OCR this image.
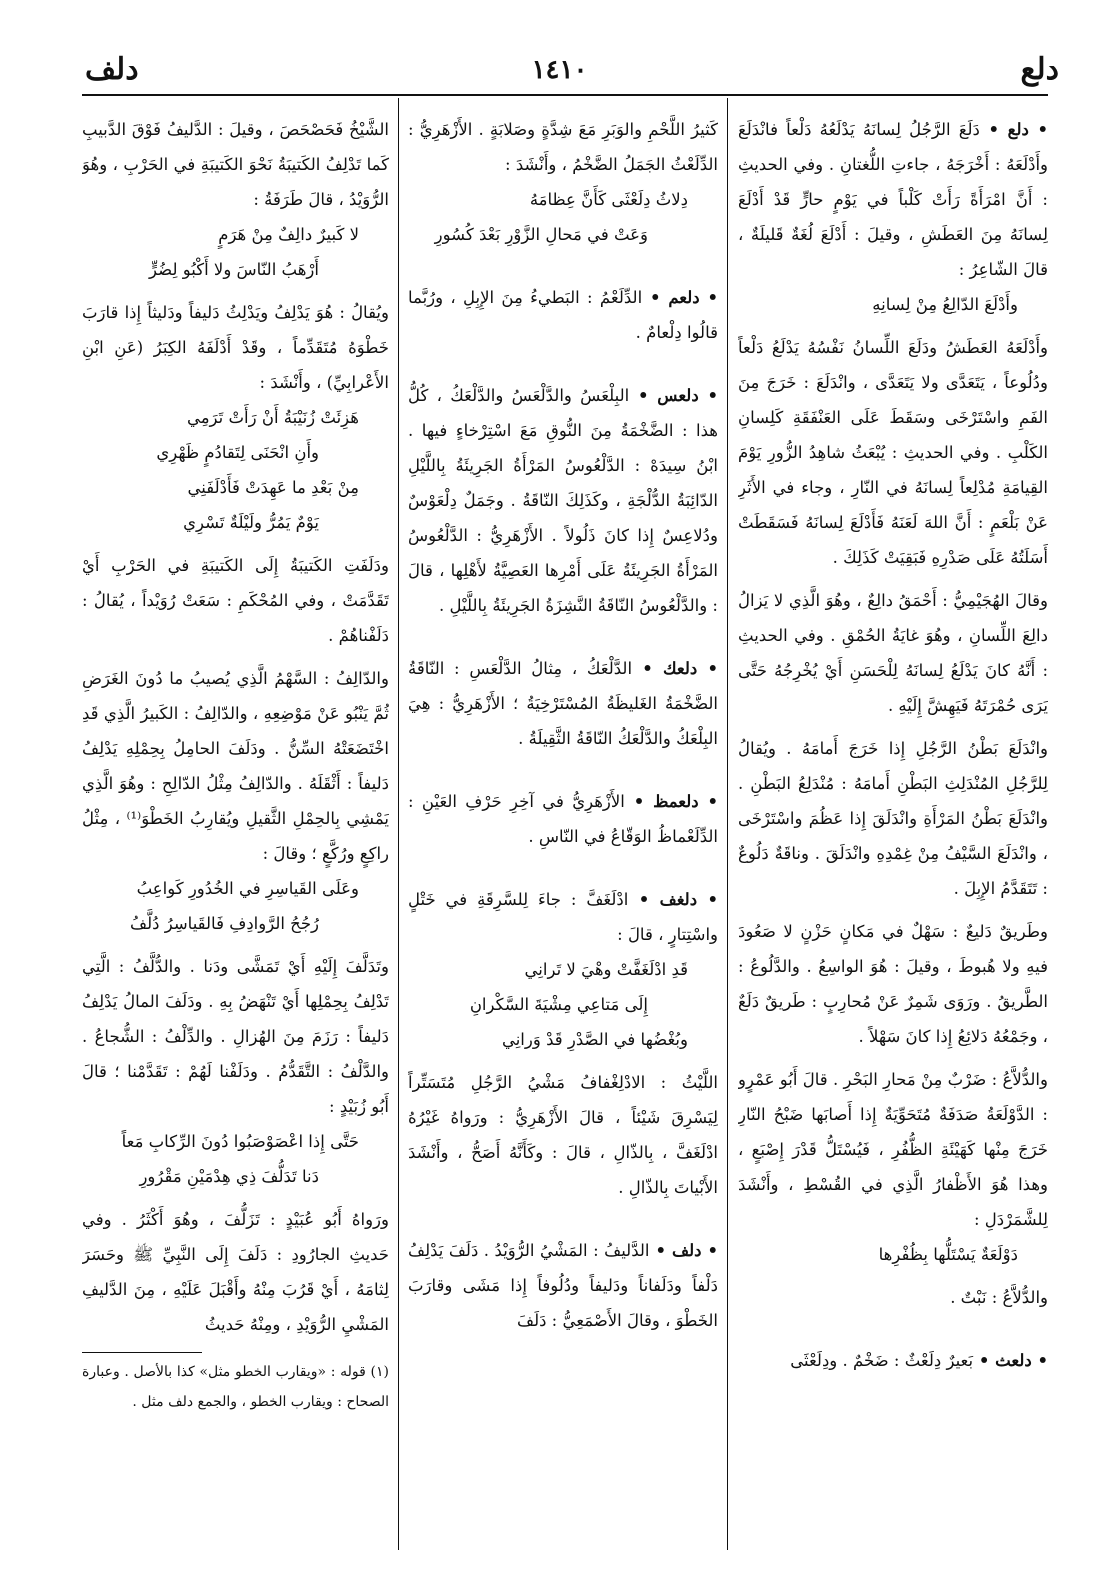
دلع
١٤١٠
دلف

• دلع • دَلَعَ الرَّجُلُ لِسانَهُ يَدْلَعُهُ دَلْعاً فانْدَلَعَ وأَدْلَعَهُ : أَخْرَجَهُ ، جاءتِ اللُّغتانِ . وفي الحديثِ : أَنَّ امْرَأَةً رَأَتْ كَلْباً في يَوْمٍ حارٍّ قَدْ أَدْلَعَ لِسانَهُ مِنَ العَطَشِ ، وقيلَ : أَدْلَعَ لُغَةٌ قَليلَةٌ ، قالَ الشّاعِرُ :

وأَدْلَعَ الدّالِعُ مِنْ لِسانِهِ

وأَدْلَعَهُ العَطَشُ ودَلَعَ اللِّسانُ نَفْسُهُ يَدْلَعُ دَلْعاً ودُلُوعاً ، يَتَعَدَّى ولا يَتَعَدَّى ، وانْدَلَعَ : خَرَجَ مِنَ الفَمِ واسْتَرْخَى وسَقَطَ عَلَى العَنْفَقَةِ كَلِسانِ الكَلْبِ . وفي الحديثِ : يُبْعَثُ شاهِدُ الزُّورِ يَوْمَ القِيامَةِ مُدْلِعاً لِسانَهُ في النّارِ ، وجاء في الأَثَرِ عَنْ بَلْعَمٍ : أَنَّ اللهَ لَعَنَهُ فَأَدْلَعَ لِسانَهُ فَسَقَطَتْ أَسَلَتُهُ عَلَى صَدْرِهِ فَبَقِيَتْ كَذَلِكَ .

وقالَ الهُجَيْمِيُّ : أَحْمَقُ دالِعٌ ، وهُوَ الَّذِي لا يَزالُ دالِعَ اللِّسانِ ، وهُوَ غايَةُ الحُمْقِ . وفي الحديثِ : أَنَّهُ كانَ يَدْلَعُ لِسانَهُ لِلْحَسَنِ أَيْ يُخْرِجُهُ حَتَّى يَرَى حُمْرَتَهُ فَيَهِشَّ إِلَيْهِ .

وانْدَلَعَ بَطْنُ الرَّجُلِ إِذا خَرَجَ أَمامَهُ . ويُقالُ لِلرَّجُلِ المُنْدَلِثِ البَطْنِ أَمامَهُ : مُنْدَلِعُ البَطْنِ . وانْدَلَعَ بَطْنُ المَرْأَةِ وانْدَلَقَ إِذا عَظُمَ واسْتَرْخَى ، وانْدَلَعَ السَّيْفُ مِنْ غِمْدِهِ وانْدَلَقَ . وناقَةٌ دَلُوعٌ : تَتَقَدَّمُ الإِبِلَ .

وطَريقٌ دَليعٌ : سَهْلٌ في مَكانٍ حَزْنٍ لا صَعُودَ فيهِ ولا هُبوطَ ، وقيلَ : هُوَ الواسِعُ . والدَّلُوعُ : الطَّريقُ . ورَوَى شَمِرٌ عَنْ مُحارِبٍ : طَريقٌ دَلَعٌ ، وجَمْعُهُ دَلائِعُ إِذا كانَ سَهْلاً .

والدُّلاَّعُ : ضَرْبٌ مِنْ مَحارِ البَحْرِ . قالَ أَبُو عَمْرٍو : الدَّوْلَعَةُ صَدَفَةٌ مُتَحَوِّيَةٌ إِذا أَصابَها ضَبْحُ النّارِ خَرَجَ مِنْها كَهَيْئَةِ الظُّفُرِ ، فَيُسْتَلُّ قَدْرَ إِصْبَعٍ ، وهذا هُوَ الأَظْفارُ الَّذِي في القُسْطِ ، وأَنْشَدَ لِلشَّمَرْدَلِ :

دَوْلَعَةٌ يَسْتَلُّها بِظُفْرِها

والدُّلاَّعُ : نَبْتٌ .

• دلعث • بَعيرٌ دِلَعْثٌ : ضَخْمٌ . ودِلَعْثَى

كَثيرُ اللَّحْمِ والوَبَرِ مَعَ شِدَّةٍ وصَلابَةٍ . الأَزْهَرِيُّ : الدِّلَعْثُ الجَمَلُ الضَّخْمُ ، وأَنْشَدَ :

دِلاثُ دِلَعْثَى كَأَنَّ عِظامَهُ

وَعَتْ في مَحالِ الزَّوْرِ بَعْدَ كُسُورِ

• دلعم • الدِّلَعْمُ : البَطيءُ مِنَ الإِبِلِ ، ورُبَّما قالُوا دِلْعامٌ .

• دلعس • البِلْعَسُ والدَّلْعَسُ والدَّلْعَكُ ، كُلُّ هذا : الضَّخْمَةُ مِنَ النُّوقِ مَعَ اسْتِرْخاءٍ فيها . ابْنُ سِيدَهْ : الدَّلْعُوسُ المَرْأَةُ الجَرِيئَةُ بِاللَّيْلِ الدّائِبَةُ الدُّلْجَةِ ، وكَذَلِكَ النّاقَةُ . وجَمَلٌ دِلْعَوْسٌ ودُلاعِسٌ إِذا كانَ ذَلُولاً . الأَزْهَرِيُّ : الدَّلْعُوسُ المَرْأَةُ الجَرِيئَةُ عَلَى أَمْرِها العَصِيَّةُ لأَهْلِها ، قالَ : والدَّلْعُوسُ النّاقَةُ النَّشِزَةُ الجَرِيئَةُ بِاللَّيْلِ .

• دلعك • الدَّلْعَكُ ، مِثالُ الدَّلْعَسِ : النّاقَةُ الضَّخْمَةُ الغَليظَةُ المُسْتَرْخِيَةُ ؛ الأَزْهَرِيُّ : هِيَ البِلْعَكُ والدَّلْعَكُ النّاقَةُ الثَّقِيلَةُ .

• دلعمظ • الأَزْهَرِيُّ في آخِرِ حَرْفِ العَيْنِ : الدِّلَعْماظُ الوَقّاعُ في النّاسِ .

• دلغف • ادْلَغَفَّ : جاءَ لِلسَّرِقَةِ في خَتْلٍ واسْتِتارٍ ، قالَ :

قَدِ ادْلَغَفَّتْ وهْيَ لا تَرانِي

إِلَى مَتاعِي مِشْيَةَ السَّكْرانِ

وبُغْضُها في الصَّدْرِ قَدْ وَرانِي

اللَّيْثُ : الادْلِغْفافُ مَشْيُ الرَّجُلِ مُتَسَتِّراً لِيَسْرِقَ شَيْئاً ، قالَ الأَزْهَرِيُّ : ورَواهُ غَيْرُهُ ادْلَغَفَّ ، بِالذّالِ ، قالَ : وكَأَنَّهُ أَصَحُّ ، وأَنْشَدَ الأَبْياتَ بِالذّالِ .

• دلف • الدَّليفُ : المَشْيُ الرُّوَيْدُ . دَلَفَ يَدْلِفُ دَلْفاً ودَلَفاناً ودَليفاً ودُلُوفاً إِذا مَشَى وقارَبَ الخَطْوَ ، وقالَ الأَصْمَعِيُّ : دَلَفَ

الشَّيْخُ فَحَصْحَصَ ، وقيلَ : الدَّليفُ فَوْقَ الدَّبيبِ كَما تَدْلِفُ الكَتيبَةُ نَحْوَ الكَتيبَةِ في الحَرْبِ ، وهُوَ الرُّوَيْدُ ، قالَ طَرَفَةُ :

لا كَبيرٌ دالِفٌ مِنْ هَرَمٍ

أَرْهَبُ النّاسَ ولا أَكْبُو لِضُرٍّ

ويُقالُ : هُوَ يَدْلِفُ ويَدْلِثُ دَليفاً ودَليثاً إِذا قارَبَ خَطْوَهُ مُتَقَدِّماً ، وقَدْ أَدْلَفَهُ الكِبَرُ (عَنِ ابْنِ الأَعْرابِيِّ) ، وأَنْشَدَ :

هَزِئَتْ زُنَيْبَةُ أَنْ رَأَتْ تَرَمِي

وأَنِ انْحَنَى لِتَقادُمٍ ظَهْرِي

مِنْ بَعْدِ ما عَهِدَتْ فَأَدْلَفَنِي

يَوْمٌ يَمُرُّ ولَيْلَةٌ تَسْرِي

ودَلَفَتِ الكَتيبَةُ إِلَى الكَتيبَةِ في الحَرْبِ أَيْ تَقَدَّمَتْ ، وفي المُحْكَمِ : سَعَتْ رُوَيْداً ، يُقالُ : دَلَفْناهُمْ .

والدّالِفُ : السَّهْمُ الَّذِي يُصيبُ ما دُونَ الغَرَضِ ثُمَّ يَنْبُو عَنْ مَوْضِعِهِ ، والدّالِفُ : الكَبيرُ الَّذِي قَدِ اخْتَضَعَتْهُ السِّنُّ . ودَلَفَ الحامِلُ بِحِمْلِهِ يَدْلِفُ دَليفاً : أَثْقَلَهُ . والدّالِفُ مِثْلُ الدّالِحِ : وهُوَ الَّذِي يَمْشِي بِالحِمْلِ الثَّقيلِ ويُقارِبُ الخَطْوَ⁽¹⁾ ، مِثْلُ راكِعٍ ورُكَّعٍ ؛ وقالَ :

وعَلَى القَياسِرِ في الخُدُورِ كَواعِبُ

رُجُحُ الرَّوادِفِ فَالقَياسِرُ دُلَّفُ

وتَدَلَّفَ إِلَيْهِ أَيْ تَمَشَّى ودَنا . والدُّلَّفُ : الَّتِي تَدْلِفُ بِحِمْلِها أَيْ تَنْهَضُ بِهِ . ودَلَفَ المالُ يَدْلِفُ دَليفاً : رَزَمَ مِنَ الهُزالِ . والدِّلْفُ : الشُّجاعُ . والدَّلْفُ : التَّقَدُّمُ . ودَلَفْنا لَهُمْ : تَقَدَّمْنا ؛ قالَ أَبُو زُبَيْدٍ :

حَتَّى إِذا اعْصَوْصَبُوا دُونَ الرِّكابِ مَعاً

دَنا تَدَلُّفَ ذِي هِدْمَيْنِ مَقْرُورِ

ورَواهُ أَبُو عُبَيْدٍ : تَزَلُّفَ ، وهُوَ أَكْثَرُ . وفي حَديثِ الجارُودِ : دَلَفَ إِلَى النَّبِيِّ ﷺ وحَسَرَ لِثامَهُ ، أَيْ قَرُبَ مِنْهُ وأَقْبَلَ عَلَيْهِ ، مِنَ الدَّليفِ المَشْيِ الرُّوَيْدِ ، ومِنْهُ حَديثُ

(١) قوله : «ويقارب الخطو مثل» كذا بالأصل . وعبارة الصحاح : ويقارب الخطو ، والجمع دلف مثل .
